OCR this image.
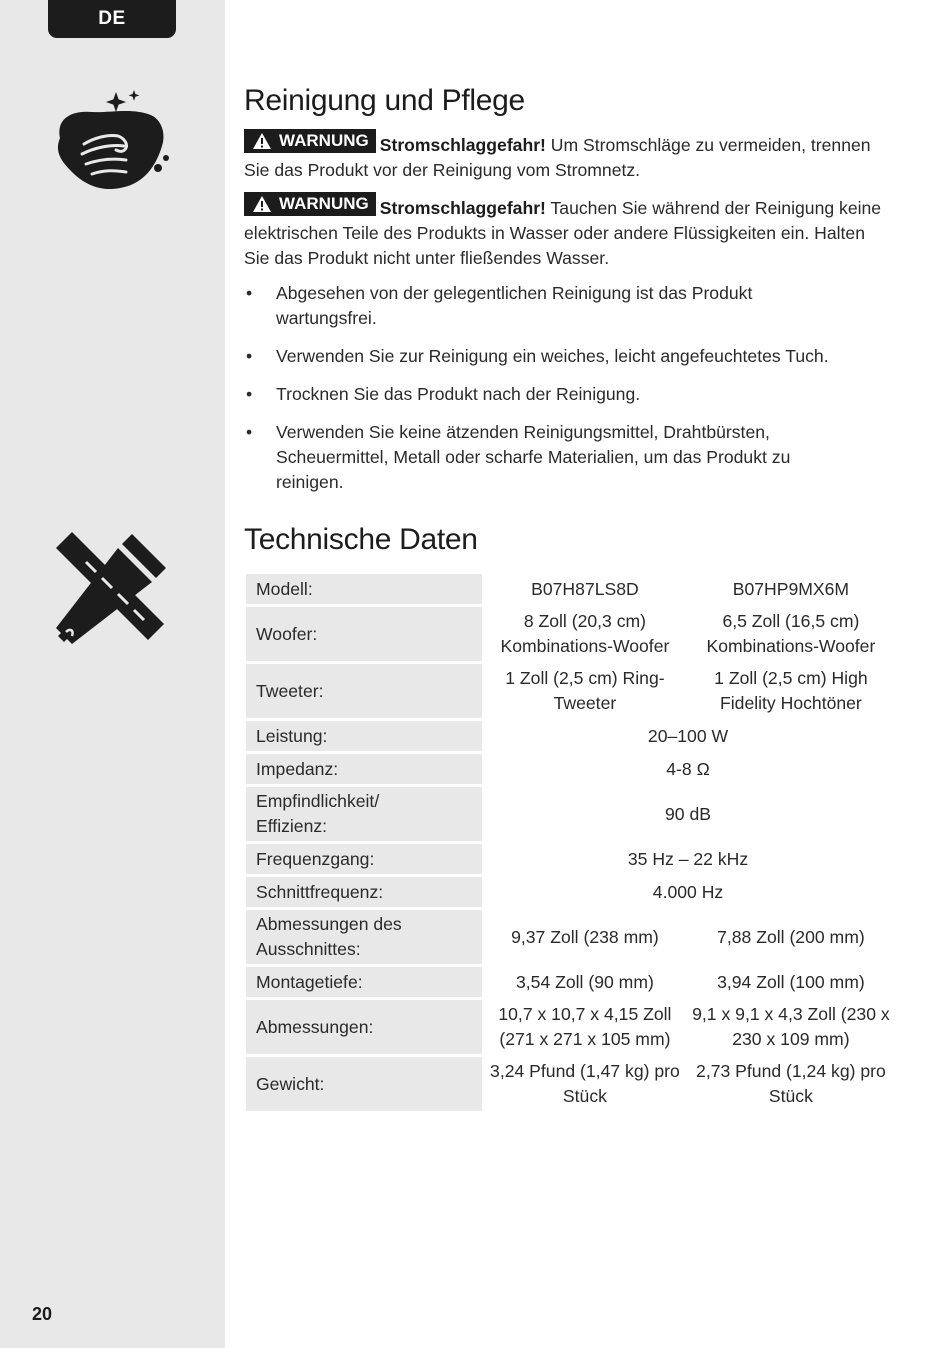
DE
20
Reinigung und Pflege
WARNUNG Stromschlaggefahr! Um Stromschläge zu vermeiden, trennen Sie das Produkt vor der Reinigung vom Stromnetz.
WARNUNG Stromschlaggefahr! Tauchen Sie während der Reinigung keine elektrischen Teile des Produkts in Wasser oder andere Flüssigkeiten ein. Halten Sie das Produkt nicht unter fließendes Wasser.
• Abgesehen von der gelegentlichen Reinigung ist das Produkt wartungsfrei.
• Verwenden Sie zur Reinigung ein weiches, leicht angefeuchtetes Tuch.
• Trocknen Sie das Produkt nach der Reinigung.
• Verwenden Sie keine ätzenden Reinigungsmittel, Drahtbürsten, Scheuermittel, Metall oder scharfe Materialien, um das Produkt zu reinigen.
Technische Daten
Modell:	B07H87LS8D	B07HP9MX6M
Woofer:	8 Zoll (20,3 cm) Kombinations-Woofer	6,5 Zoll (16,5 cm) Kombinations-Woofer
Tweeter:	1 Zoll (2,5 cm) Ring-Tweeter	1 Zoll (2,5 cm) High Fidelity Hochtöner
Leistung:	20–100 W	
Impedanz:	4-8 Ω	
Empfindlichkeit/ Effizienz:	90 dB	
Frequenzgang:	35 Hz – 22 kHz	
Schnittfrequenz:	4.000 Hz	
Abmessungen des Ausschnittes:	9,37 Zoll (238 mm)	7,88 Zoll (200 mm)
Montagetiefe:	3,54 Zoll (90 mm)	3,94 Zoll (100 mm)
Abmessungen:	10,7 x 10,7 x 4,15 Zoll (271 x 271 x 105 mm)	9,1 x 9,1 x 4,3 Zoll (230 x 230 x 109 mm)
Gewicht:	3,24 Pfund (1,47 kg) pro Stück	2,73 Pfund (1,24 kg) pro Stück
